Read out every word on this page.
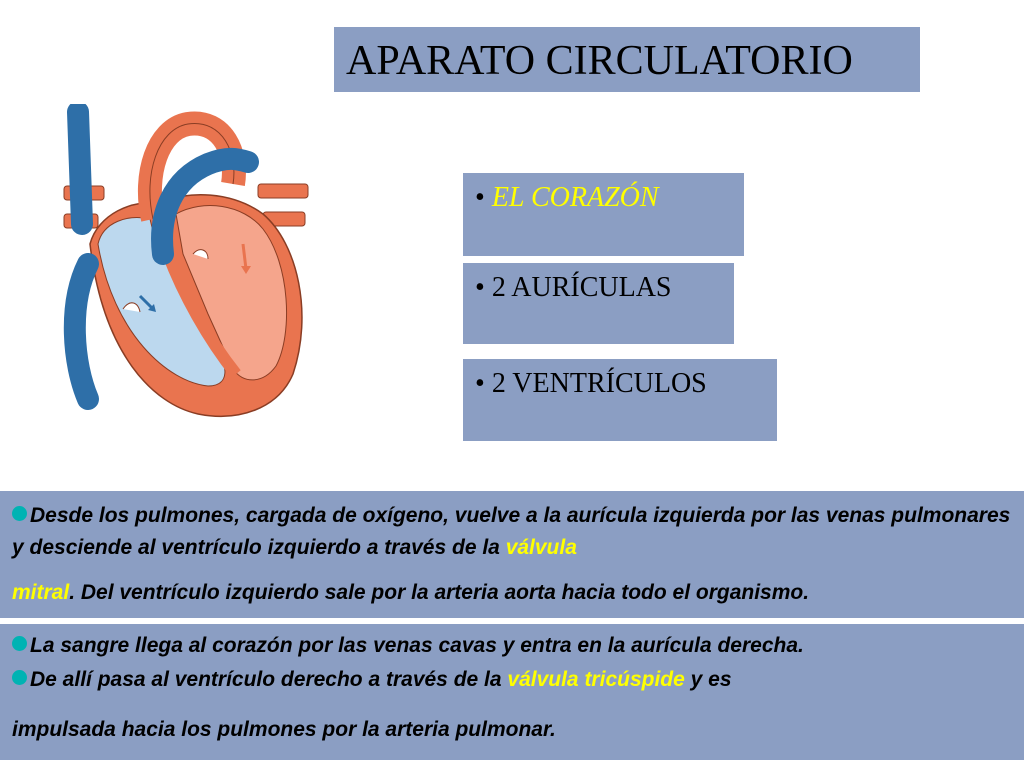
APARATO CIRCULATORIO
• EL CORAZÓN
• 2 AURÍCULAS
• 2 VENTRÍCULOS

Desde los pulmones, cargada de oxígeno, vuelve a la aurícula izquierda por las venas pulmonares y desciende al ventrículo izquierdo a través de la válvula

mitral. Del ventrículo izquierdo sale por la arteria aorta hacia todo el organismo.

La sangre llega al corazón por las venas cavas y entra en la aurícula derecha.

De allí pasa al ventrículo derecho a través de la válvula tricúspide y es

impulsada hacia los pulmones por la arteria pulmonar.
